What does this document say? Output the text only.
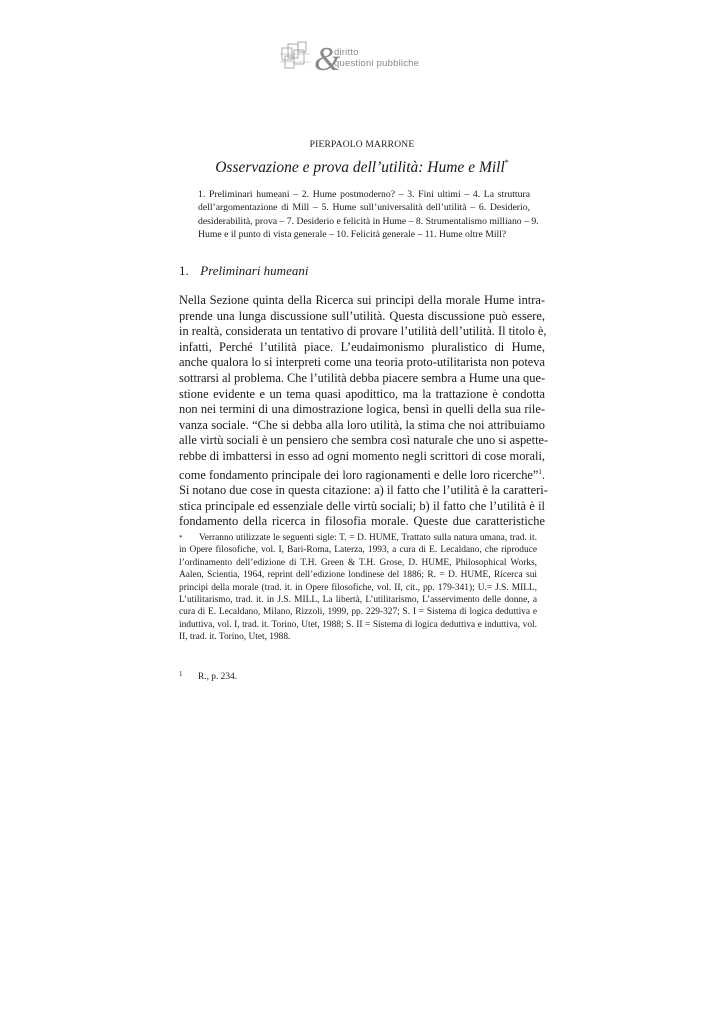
&
diritto
questioni pubbliche
PIERPAOLO MARRONE
Osservazione e prova dell’utilità: Hume e Mill*
1. Preliminari humeani – 2. Hume postmoderno? – 3. Fini ultimi – 4. La struttura
dell’argomentazione di Mill – 5. Hume sull’universalità dell’utilità – 6. Desiderio,
desiderabilità, prova – 7. Desiderio e felicità in Hume – 8. Strumentalismo milliano – 9.
Hume e il punto di vista generale – 10. Felicità generale – 11. Hume oltre Mill?
1. Preliminari humeani
Nella Sezione quinta della Ricerca sui principi della morale Hume intra-
prende una lunga discussione sull’utilità. Questa discussione può essere,
in realtà, considerata un tentativo di provare l’utilità dell’utilità. Il titolo è,
infatti, Perché l’utilità piace. L’eudaimonismo pluralistico di Hume,
anche qualora lo si interpreti come una teoria proto-utilitarista non poteva
sottrarsi al problema. Che l’utilità debba piacere sembra a Hume una que-
stione evidente e un tema quasi apodittico, ma la trattazione è condotta
non nei termini di una dimostrazione logica, bensì in quelli della sua rile-
vanza sociale. “Che si debba alla loro utilità, la stima che noi attribuiamo
alle virtù sociali è un pensiero che sembra così naturale che uno si aspette-
rebbe di imbattersi in esso ad ogni momento negli scrittori di cose morali,
come fondamento principale dei loro ragionamenti e delle loro ricerche”$^1$.
Si notano due cose in questa citazione: a) il fatto che l’utilità è la caratteri-
stica principale ed essenziale delle virtù sociali; b) il fatto che l’utilità è il
fondamento della ricerca in filosofia morale. Queste due caratteristiche
*	Verranno utilizzate le seguenti sigle: T. = D. HUME, Trattato sulla natura umana, trad. it.
in Opere filosofiche, vol. I, Bari-Roma, Laterza, 1993, a cura di E. Lecaldano, che riproduce
l’ordinamento dell’edizione di T.H. Green & T.H. Grose, D. HUME, Philosophical Works,
Aalen, Scientia, 1964, reprint dell’edizione londinese del 1886; R. = D. HUME, Ricerca sui
principi della morale (trad. it. in Opere filosofiche, vol. II, cit., pp. 179-341); U.= J.S. MILL,
L’utilitarismo, trad. it. in J.S. MILL, La libertà, L’utilitarismo, L’asservimento delle donne, a
cura di E. Lecaldano, Milano, Rizzoli, 1999, pp. 229-327; S. I = Sistema di logica deduttiva e
induttiva, vol. I, trad. it. Torino, Utet, 1988; S. II = Sistema di logica deduttiva e induttiva, vol.
II, trad. it. Torino, Utet, 1988.
1 R., p. 234.
